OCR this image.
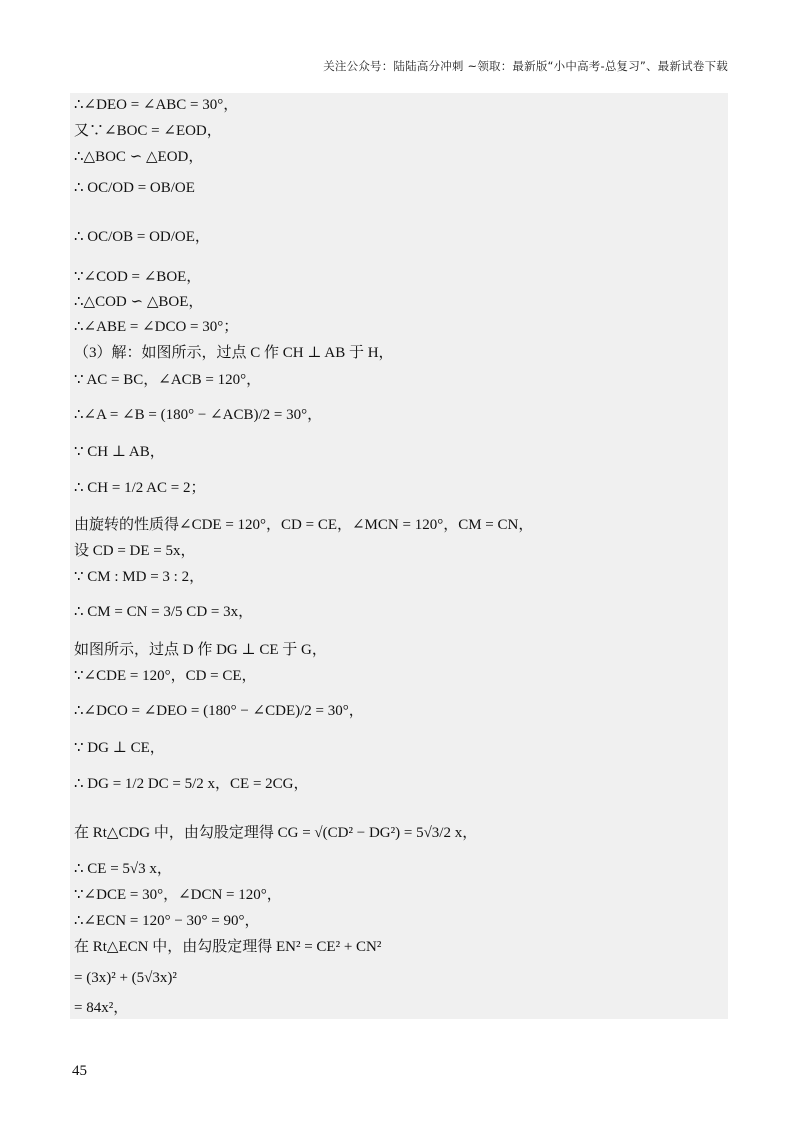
关注公众号：陆陆高分冲刺 ~领取：最新版“小中高考-总复习”、最新试卷下载
∴∠DEO = ∠ABC = 30°，
又∵∠BOC = ∠EOD，
∴△BOC ∽ △EOD，
∴ OC/OD = OB/OE
∴ OC/OB = OD/OE，
∵∠COD = ∠BOE，
∴△COD ∽ △BOE，
∴∠ABE = ∠DCO = 30°；
（3）解：如图所示，过点 C 作 CH ⊥ AB 于 H，
∵ AC = BC，∠ACB = 120°，
∴∠A = ∠B = (180° − ∠ACB)/2 = 30°，
∵ CH ⊥ AB，
∴ CH = 1/2 AC = 2；
由旋转的性质得∠CDE = 120°，CD = CE，∠MCN = 120°，CM = CN，
设 CD = DE = 5x，
∵ CM : MD = 3 : 2，
∴ CM = CN = 3/5 CD = 3x，
如图所示，过点 D 作 DG ⊥ CE 于 G，
∵∠CDE = 120°，CD = CE，
∴∠DCO = ∠DEO = (180° − ∠CDE)/2 = 30°，
∵ DG ⊥ CE，
∴ DG = 1/2 DC = 5/2 x，CE = 2CG，
在 Rt△CDG 中，由勾股定理得 CG = √(CD² − DG²) = 5√3/2 x，
∴ CE = 5√3 x，
∵∠DCE = 30°，∠DCN = 120°，
∴∠ECN = 120° − 30° = 90°，
在 Rt△ECN 中，由勾股定理得 EN² = CE² + CN²
= (3x)² + (5√3x)²
= 84x²，
45
